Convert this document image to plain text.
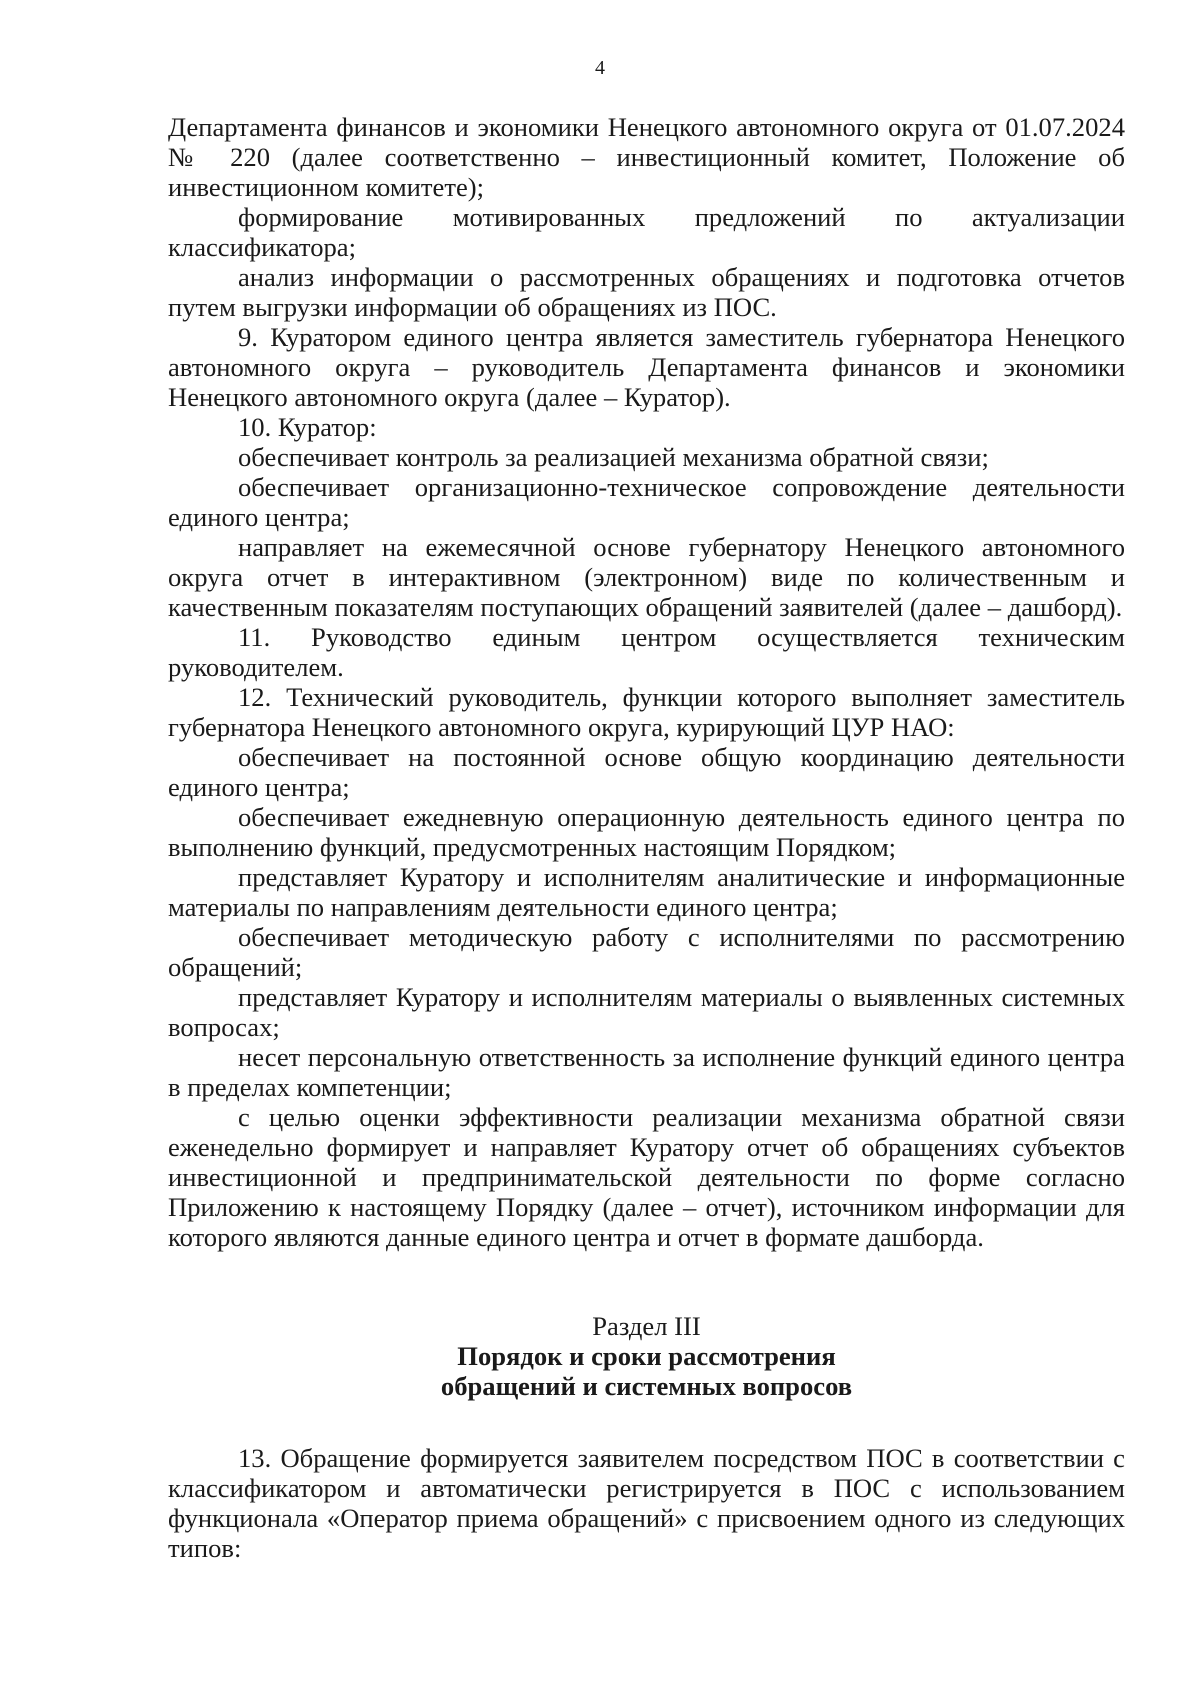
4

Департамента финансов и экономики Ненецкого автономного округа от 01.07.2024 № 220 (далее соответственно – инвестиционный комитет, Положение об инвестиционном комитете);

формирование мотивированных предложений по актуализации классификатора;

анализ информации о рассмотренных обращениях и подготовка отчетов путем выгрузки информации об обращениях из ПОС.

9. Куратором единого центра является заместитель губернатора Ненецкого автономного округа – руководитель Департамента финансов и экономики Ненецкого автономного округа (далее – Куратор).

10. Куратор:

обеспечивает контроль за реализацией механизма обратной связи;

обеспечивает организационно-техническое сопровождение деятельности единого центра;

направляет на ежемесячной основе губернатору Ненецкого автономного округа отчет в интерактивном (электронном) виде по количественным и качественным показателям поступающих обращений заявителей (далее – дашборд).

11. Руководство единым центром осуществляется техническим руководителем.

12. Технический руководитель, функции которого выполняет заместитель губернатора Ненецкого автономного округа, курирующий ЦУР НАО:

обеспечивает на постоянной основе общую координацию деятельности единого центра;

обеспечивает ежедневную операционную деятельность единого центра по выполнению функций, предусмотренных настоящим Порядком;

представляет Куратору и исполнителям аналитические и информационные материалы по направлениям деятельности единого центра;

обеспечивает методическую работу с исполнителями по рассмотрению обращений;

представляет Куратору и исполнителям материалы о выявленных системных вопросах;

несет персональную ответственность за исполнение функций единого центра в пределах компетенции;

с целью оценки эффективности реализации механизма обратной связи еженедельно формирует и направляет Куратору отчет об обращениях субъектов инвестиционной и предпринимательской деятельности по форме согласно Приложению к настоящему Порядку (далее – отчет), источником информации для которого являются данные единого центра и отчет в формате дашборда.

Раздел III

Порядок и сроки рассмотрения

обращений и системных вопросов

13. Обращение формируется заявителем посредством ПОС в соответствии с классификатором и автоматически регистрируется в ПОС с использованием функционала «Оператор приема обращений» с присвоением одного из следующих типов:
